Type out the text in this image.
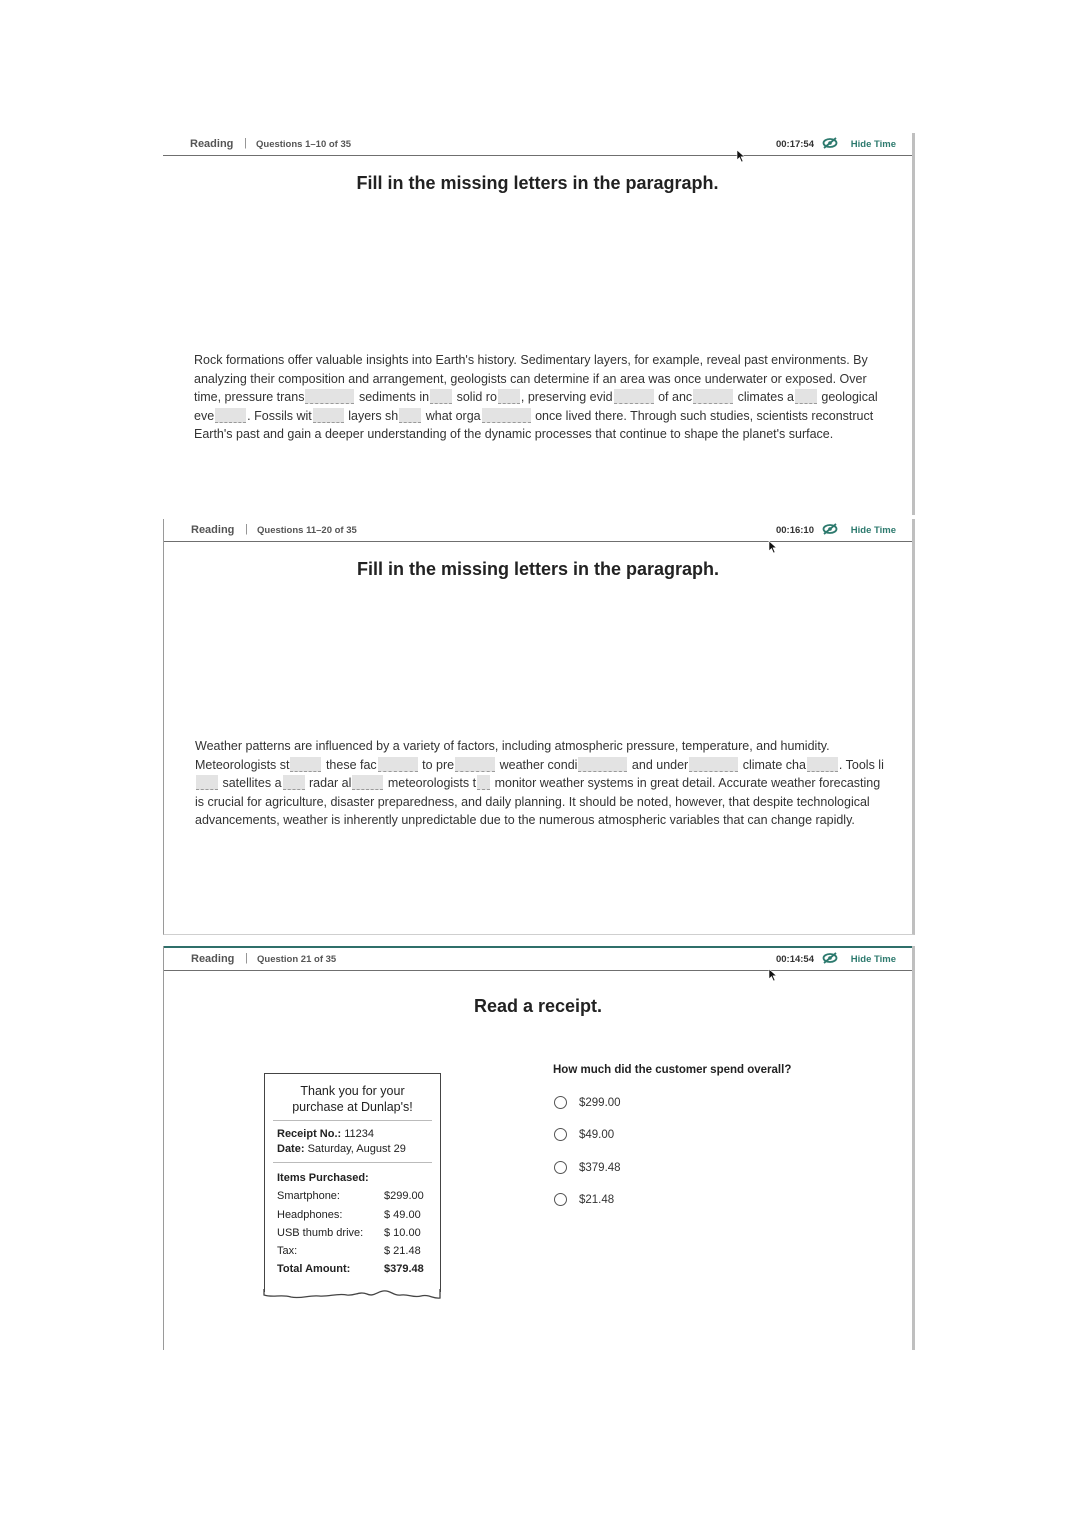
Reading | Questions 1–10 of 35	00:17:54	Hide Time
Fill in the missing letters in the paragraph.
Rock formations offer valuable insights into Earth's history. Sedimentary layers, for example, reveal past environments. By analyzing their composition and arrangement, geologists can determine if an area was once underwater or exposed. Over time, pressure trans	sediments in solid ro , preserving evid	of anc	climates a geological eve	. Fossils wit	layers sh what orga	once lived there. Through such studies, scientists reconstruct Earth's past and gain a deeper understanding of the dynamic processes that continue to shape the planet's surface.
Reading | Questions 11–20 of 35	00:16:10	Hide Time
Fill in the missing letters in the paragraph.
Weather patterns are influenced by a variety of factors, including atmospheric pressure, temperature, and humidity. Meteorologists st	these fac	to pre	weather condi	and under	climate cha	. Tools li satellites a radar al	meteorologists t monitor weather systems in great detail. Accurate weather forecasting is crucial for agriculture, disaster preparedness, and daily planning. It should be noted, however, that despite technological advancements, weather is inherently unpredictable due to the numerous atmospheric variables that can change rapidly.
Reading | Question 21 of 35	00:14:54	Hide Time
Read a receipt.
Thank you for your
purchase at Dunlap's!
Receipt No.: 11234
Date: Saturday, August 29
Items Purchased:
Smartphone:	$299.00
Headphones:	$ 49.00
USB thumb drive: $ 10.00
Tax:	$ 21.48
Total Amount:	$379.48
How much did the customer spend overall?
$299.00
$49.00
$379.48
$21.48
